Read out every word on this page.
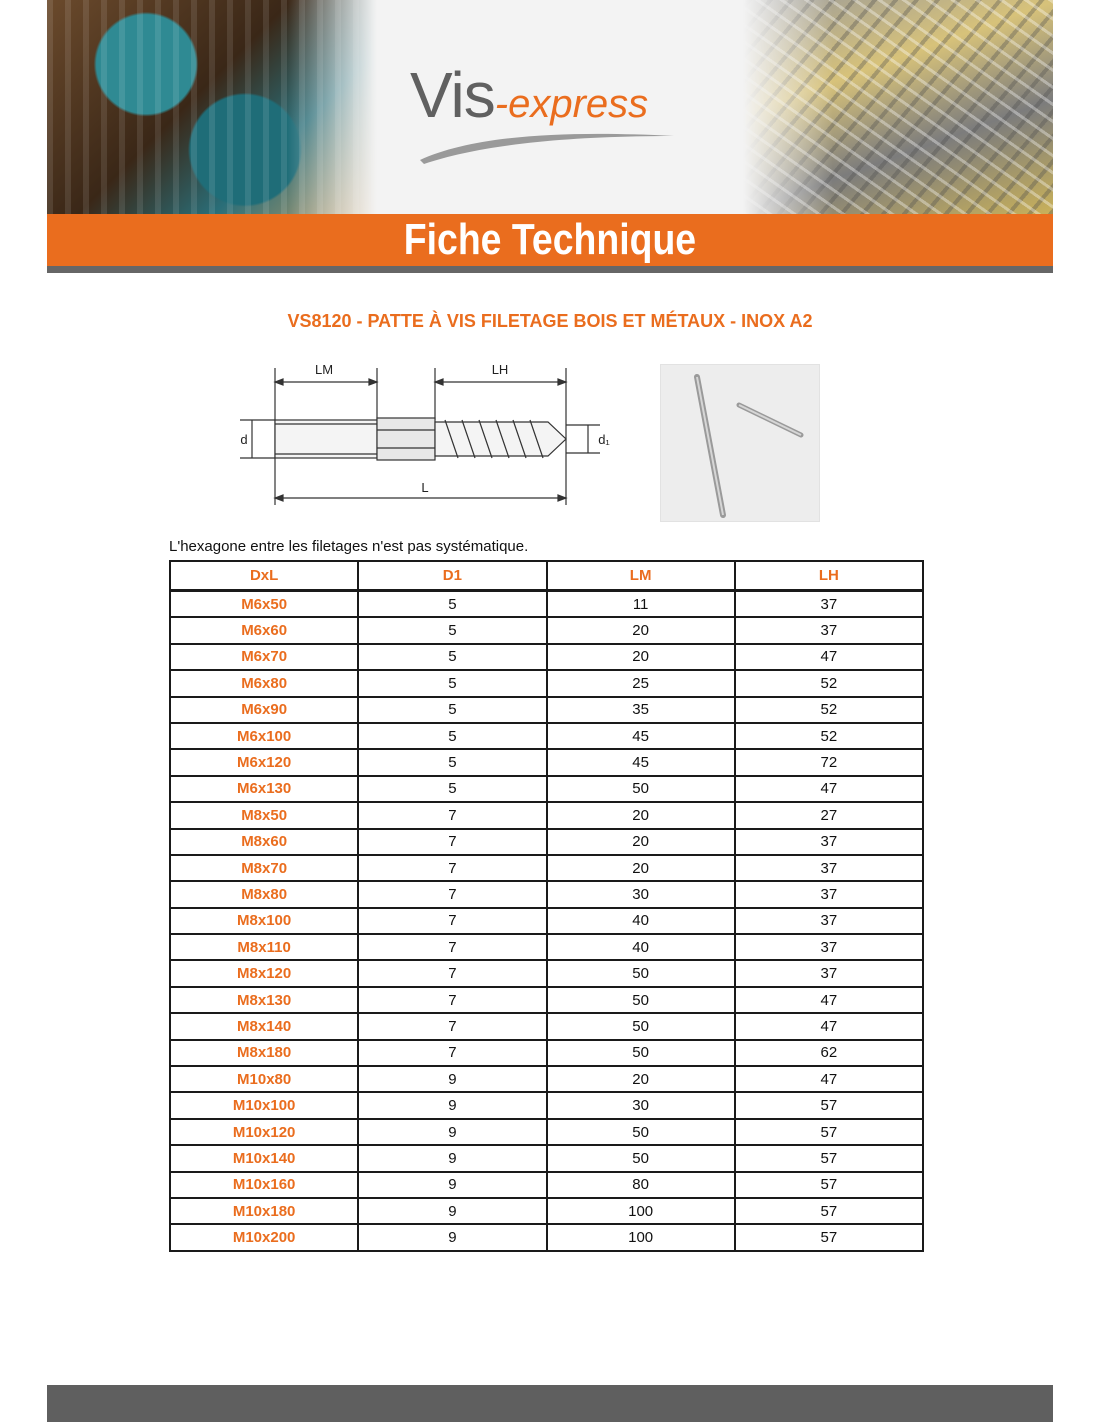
Vis-express
Fiche Technique
VS8120 - PATTE À VIS FILETAGE BOIS ET MÉTAUX - INOX A2
LM	LH
L
d	d₁
L'hexagone entre les filetages n'est pas systématique.
DxL	D1	LM	LH
M6x50	5	11	37
M6x60	5	20	37
M6x70	5	20	47
M6x80	5	25	52
M6x90	5	35	52
M6x100	5	45	52
M6x120	5	45	72
M6x130	5	50	47
M8x50	7	20	27
M8x60	7	20	37
M8x70	7	20	37
M8x80	7	30	37
M8x100	7	40	37
M8x110	7	40	37
M8x120	7	50	37
M8x130	7	50	47
M8x140	7	50	47
M8x180	7	50	62
M10x80	9	20	47
M10x100	9	30	57
M10x120	9	50	57
M10x140	9	50	57
M10x160	9	80	57
M10x180	9	100	57
M10x200	9	100	57
